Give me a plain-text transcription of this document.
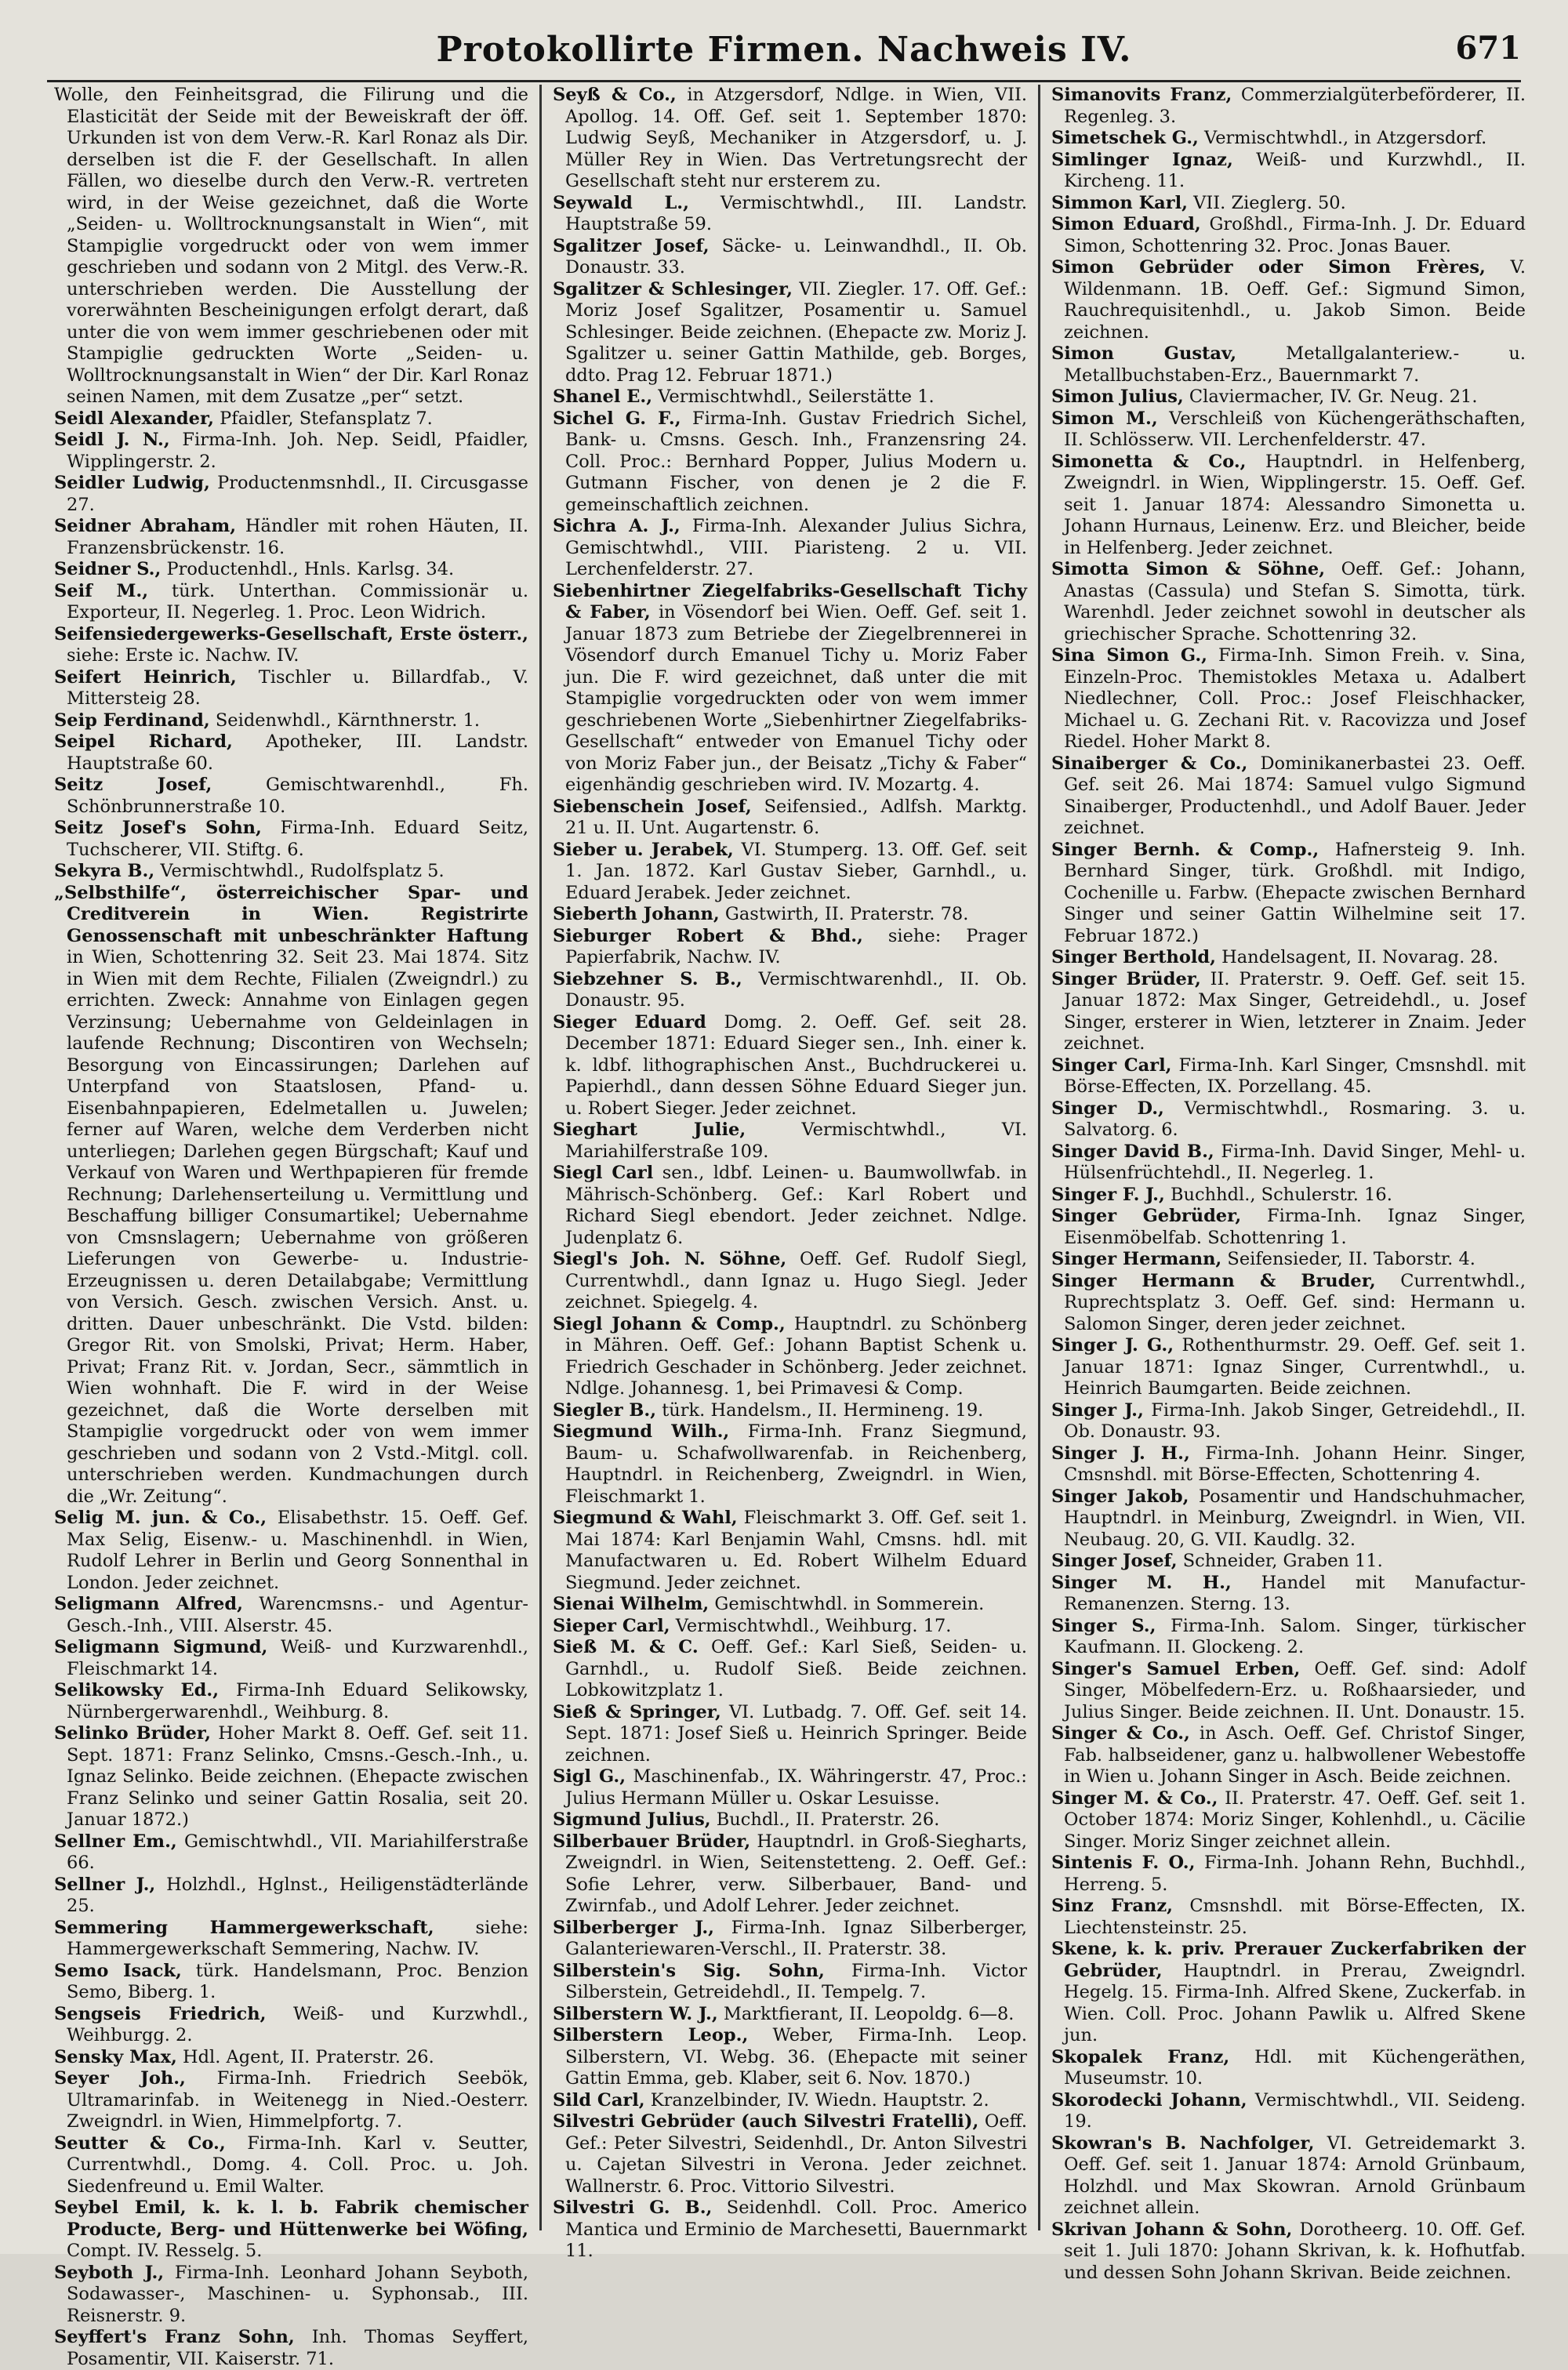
Protokollirte Firmen. Nachweis IV.	671

Wolle, den Feinheitsgrad, die Filirung und die Elasticität der Seide mit der Beweiskraft der öff. Urkunden ist von dem Verw.-R. Karl Ronaz als Dir. derselben ist die F. der Gesellschaft. In allen Fällen, wo dieselbe durch den Verw.-R. vertreten wird, in der Weise gezeichnet, daß die Worte „Seiden- u. Wolltrocknungsanstalt in Wien“, mit Stampiglie vorgedruckt oder von wem immer geschrieben und sodann von 2 Mitgl. des Verw.-R. unterschrieben werden. Die Ausstellung der vorerwähnten Bescheinigungen erfolgt derart, daß unter die von wem immer geschriebenen oder mit Stampiglie gedruckten Worte „Seiden- u. Wolltrocknungsanstalt in Wien“ der Dir. Karl Ronaz seinen Namen, mit dem Zusatze „per“ setzt.

Seidl Alexander, Pfaidler, Stefansplatz 7.

Seidl J. N., Firma-Inh. Joh. Nep. Seidl, Pfaidler, Wipplingerstr. 2.

Seidler Ludwig, Productenmsnhdl., II. Circusgasse 27.

Seidner Abraham, Händler mit rohen Häuten, II. Franzensbrückenstr. 16.

Seidner S., Productenhdl., Hnls. Karlsg. 34.

Seif M., türk. Unterthan. Commissionär u. Exporteur, II. Negerleg. 1. Proc. Leon Widrich.

Seifensiedergewerks-Gesellschaft, Erste österr., siehe: Erste ic. Nachw. IV.

Seifert Heinrich, Tischler u. Billardfab., V. Mittersteig 28.

Seip Ferdinand, Seidenwhdl., Kärnthnerstr. 1.

Seipel Richard, Apotheker, III. Landstr. Hauptstraße 60.

Seitz Josef,	Gemischtwarenhdl., Fh. Schönbrunnerstraße 10.

Seitz Josef's Sohn, Firma-Inh. Eduard Seitz, Tuchscherer, VII. Stiftg. 6.

Sekyra B., Vermischtwhdl., Rudolfsplatz 5.

„Selbsthilfe“, österreichischer Spar- und Creditverein in Wien. Registrirte Genossenschaft mit unbeschränkter Haftung in Wien, Schottenring 32. Seit 23. Mai 1874. Sitz in Wien mit dem Rechte, Filialen (Zweigndrl.) zu errichten. Zweck: Annahme von Einlagen gegen Verzinsung; Uebernahme von Geldeinlagen in laufende Rechnung; Discontiren von Wechseln; Besorgung von Eincassirungen; Darlehen auf Unterpfand von Staatslosen, Pfand- u. Eisenbahnpapieren, Edelmetallen u. Juwelen; ferner auf Waren, welche dem Verderben nicht unterliegen; Darlehen gegen Bürgschaft; Kauf und Verkauf von Waren und Werthpapieren für fremde Rechnung; Darlehenserteilung u. Vermittlung und Beschaffung billiger Consumartikel; Uebernahme von Cmsnslagern; Uebernahme von größeren Lieferungen von Gewerbe- u. Industrie-Erzeugnissen u. deren Detailabgabe; Vermittlung von Versich. Gesch. zwischen Versich. Anst. u. dritten. Dauer unbeschränkt. Die Vstd. bilden: Gregor Rit. von Smolski, Privat; Herm. Haber, Privat; Franz Rit. v. Jordan, Secr., sämmtlich in Wien wohnhaft. Die F. wird in der Weise gezeichnet, daß die Worte derselben mit Stampiglie vorgedruckt oder von wem immer geschrieben und sodann von 2 Vstd.-Mitgl. coll. unterschrieben werden. Kundmachungen durch die „Wr. Zeitung“.

Selig M. jun. & Co., Elisabethstr. 15. Oeff. Gef. Max Selig, Eisenw.- u. Maschinenhdl. in Wien, Rudolf Lehrer in Berlin und Georg Sonnenthal in London. Jeder zeichnet.

Seligmann Alfred, Warencmsns.- und Agentur-Gesch.-Inh., VIII. Alserstr. 45.

Seligmann Sigmund, Weiß- und Kurzwarenhdl., Fleischmarkt 14.

Selikowsky Ed., Firma-Inh Eduard Selikowsky, Nürnbergerwarenhdl., Weihburg. 8.

Selinko Brüder, Hoher Markt 8. Oeff. Gef. seit 11. Sept. 1871: Franz Selinko, Cmsns.-Gesch.-Inh., u. Ignaz Selinko. Beide zeichnen. (Ehepacte zwischen Franz Selinko und seiner Gattin Rosalia, seit 20. Januar 1872.)

Sellner Em., Gemischtwhdl., VII. Mariahilferstraße 66.

Sellner J., Holzhdl., Hglnst., Heiligenstädterlände 25.

Semmering Hammergewerkschaft, siehe: Hammergewerkschaft Semmering, Nachw. IV.

Semo Isack, türk. Handelsmann, Proc. Benzion Semo, Biberg. 1.

Sengseis Friedrich, Weiß- und Kurzwhdl., Weihburgg. 2.

Sensky Max, Hdl. Agent, II. Praterstr. 26.

Seyer Joh., Firma-Inh. Friedrich Seebök, Ultramarinfab. in Weitenegg in Nied.-Oesterr. Zweigndrl. in Wien, Himmelpfortg. 7.

Seutter & Co., Firma-Inh. Karl v. Seutter, Currentwhdl., Domg. 4. Coll. Proc. u. Joh. Siedenfreund u. Emil Walter.

Seybel Emil, k. k. l. b. Fabrik chemischer Producte, Berg- und Hüttenwerke bei Wöfing, Compt. IV. Resselg. 5.

Seyboth J., Firma-Inh. Leonhard Johann Seyboth, Sodawasser-, Maschinen- u. Syphonsab., III. Reisnerstr. 9.

Seyffert's Franz Sohn, Inh. Thomas Seyffert, Posamentir, VII. Kaiserstr. 71.

Seyß & Co., in Atzgersdorf, Ndlge. in Wien, VII. Apollog. 14. Off. Gef. seit 1. September 1870: Ludwig Seyß, Mechaniker in Atzgersdorf, u. J. Müller Rey in Wien. Das Vertretungsrecht der Gesellschaft steht nur ersterem zu.

Seywald L., Vermischtwhdl., III. Landstr. Hauptstraße 59.

Sgalitzer Josef, Säcke- u. Leinwandhdl., II. Ob. Donaustr. 33.

Sgalitzer & Schlesinger, VII. Ziegler. 17. Off. Gef.: Moriz Josef Sgalitzer, Posamentir u. Samuel Schlesinger. Beide zeichnen. (Ehepacte zw. Moriz J. Sgalitzer u. seiner Gattin Mathilde, geb. Borges, ddto. Prag 12. Februar 1871.)

Shanel E., Vermischtwhdl., Seilerstätte 1.

Sichel G. F., Firma-Inh. Gustav Friedrich Sichel, Bank- u. Cmsns. Gesch. Inh., Franzensring 24. Coll. Proc.: Bernhard Popper, Julius Modern u. Gutmann Fischer, von denen je 2 die F. gemeinschaftlich zeichnen.

Sichra A. J., Firma-Inh. Alexander Julius Sichra, Gemischtwhdl., VIII. Piaristeng. 2 u. VII. Lerchenfelderstr. 27.

Siebenhirtner Ziegelfabriks-Gesellschaft Tichy & Faber, in Vösendorf bei Wien. Oeff. Gef. seit 1. Januar 1873 zum Betriebe der Ziegelbrennerei in Vösendorf durch Emanuel Tichy u. Moriz Faber jun. Die F. wird gezeichnet, daß unter die mit Stampiglie vorgedruckten oder von wem immer geschriebenen Worte „Siebenhirtner Ziegelfabriks-Gesellschaft“ entweder von Emanuel Tichy oder von Moriz Faber jun., der Beisatz „Tichy & Faber“ eigenhändig geschrieben wird. IV. Mozartg. 4.

Siebenschein Josef, Seifensied., Adlfsh. Marktg. 21 u. II. Unt. Augartenstr. 6.

Sieber u. Jerabek, VI. Stumperg. 13. Off. Gef. seit 1. Jan. 1872. Karl Gustav Sieber, Garnhdl., u. Eduard Jerabek. Jeder zeichnet.

Sieberth Johann, Gastwirth, II. Praterstr. 78.

Sieburger Robert & Bhd., siehe: Prager Papierfabrik, Nachw. IV.

Siebzehner S. B., Vermischtwarenhdl., II. Ob. Donaustr. 95.

Sieger Eduard Domg. 2. Oeff. Gef. seit 28. December 1871: Eduard Sieger sen., Inh. einer k. k. ldbf. lithographischen Anst., Buchdruckerei u. Papierhdl., dann dessen Söhne Eduard Sieger jun. u. Robert Sieger. Jeder zeichnet.

Sieghart Julie,	Vermischtwhdl., VI. Mariahilferstraße 109.

Siegl Carl sen., ldbf. Leinen- u. Baumwollwfab. in Mährisch-Schönberg. Gef.: Karl Robert und Richard Siegl ebendort. Jeder zeichnet. Ndlge. Judenplatz 6.

Siegl's Joh. N. Söhne, Oeff. Gef. Rudolf Siegl, Currentwhdl., dann Ignaz u. Hugo Siegl. Jeder zeichnet. Spiegelg. 4.

Siegl Johann & Comp., Hauptndrl. zu Schönberg in Mähren. Oeff. Gef.: Johann Baptist Schenk u. Friedrich Geschader in Schönberg. Jeder zeichnet. Ndlge. Johannesg. 1, bei Primavesi & Comp.

Siegler B., türk. Handelsm., II. Hermineng. 19.

Siegmund Wilh., Firma-Inh. Franz Siegmund, Baum- u. Schafwollwarenfab. in Reichenberg, Hauptndrl. in Reichenberg, Zweigndrl. in Wien, Fleischmarkt 1.

Siegmund & Wahl, Fleischmarkt 3. Off. Gef. seit 1. Mai 1874: Karl Benjamin Wahl, Cmsns. hdl. mit Manufactwaren u. Ed. Robert Wilhelm Eduard Siegmund. Jeder zeichnet.

Sienai Wilhelm, Gemischtwhdl. in Sommerein.

Sieper Carl, Vermischtwhdl., Weihburg. 17.

Sieß M. & C. Oeff. Gef.: Karl Sieß, Seiden- u. Garnhdl., u. Rudolf Sieß. Beide zeichnen. Lobkowitzplatz 1.

Sieß & Springer, VI. Lutbadg. 7. Off. Gef. seit 14. Sept. 1871: Josef Sieß u. Heinrich Springer. Beide zeichnen.

Sigl G., Maschinenfab., IX. Währingerstr. 47, Proc.: Julius Hermann Müller u. Oskar Lesuisse.

Sigmund Julius, Buchdl., II. Praterstr. 26.

Silberbauer Brüder, Hauptndrl. in Groß-Siegharts, Zweigndrl. in Wien, Seitenstetteng. 2. Oeff. Gef.: Sofie Lehrer, verw. Silberbauer, Band- und Zwirnfab., und Adolf Lehrer. Jeder zeichnet.

Silberberger J., Firma-Inh. Ignaz Silberberger, Galanteriewaren-Verschl., II. Praterstr. 38.

Silberstein's Sig. Sohn, Firma-Inh. Victor Silberstein, Getreidehdl., II. Tempelg. 7.

Silberstern W. J., Marktfierant, II. Leopoldg. 6—8.

Silberstern Leop., Weber, Firma-Inh. Leop. Silberstern, VI. Webg. 36. (Ehepacte mit seiner Gattin Emma, geb. Klaber, seit 6. Nov. 1870.)

Sild Carl, Kranzelbinder, IV. Wiedn. Hauptstr. 2.

Silvestri Gebrüder (auch Silvestri Fratelli), Oeff. Gef.: Peter Silvestri, Seidenhdl., Dr. Anton Silvestri u. Cajetan Silvestri in Verona. Jeder zeichnet. Wallnerstr. 6. Proc. Vittorio Silvestri.

Silvestri G. B., Seidenhdl. Coll. Proc. Americo Mantica und Erminio de Marchesetti, Bauernmarkt 11.

Simanovits Franz, Commerzialgüterbeförderer, II. Regenleg. 3.

Simetschek G., Vermischtwhdl., in Atzgersdorf.

Simlinger Ignaz, Weiß- und Kurzwhdl., II. Kircheng. 11.

Simmon Karl, VII. Zieglerg. 50.

Simon Eduard, Großhdl., Firma-Inh. J. Dr. Eduard Simon, Schottenring 32. Proc. Jonas Bauer.

Simon Gebrüder oder Simon Frères, V. Wildenmann. 1B. Oeff. Gef.: Sigmund Simon, Rauchrequisitenhdl., u. Jakob Simon. Beide zeichnen.

Simon Gustav,	Metallgalanteriew.- u. Metallbuchstaben-Erz., Bauernmarkt 7.

Simon Julius, Claviermacher, IV. Gr. Neug. 21.

Simon M., Verschleiß von Küchengeräthschaften, II. Schlösserw. VII. Lerchenfelderstr. 47.

Simonetta & Co., Hauptndrl. in Helfenberg, Zweigndrl. in Wien, Wipplingerstr. 15. Oeff. Gef. seit 1. Januar 1874: Alessandro Simonetta u. Johann Hurnaus, Leinenw. Erz. und Bleicher, beide in Helfenberg. Jeder zeichnet.

Simotta Simon & Söhne, Oeff. Gef.: Johann, Anastas (Cassula) und Stefan S. Simotta, türk. Warenhdl. Jeder zeichnet sowohl in deutscher als griechischer Sprache. Schottenring 32.

Sina Simon G., Firma-Inh. Simon Freih. v. Sina, Einzeln-Proc. Themistokles Metaxa u. Adalbert Niedlechner, Coll. Proc.: Josef Fleischhacker, Michael u. G. Zechani Rit. v. Racovizza und Josef Riedel. Hoher Markt 8.

Sinaiberger & Co., Dominikanerbastei 23. Oeff. Gef. seit 26. Mai 1874: Samuel vulgo Sigmund Sinaiberger, Productenhdl., und Adolf Bauer. Jeder zeichnet.

Singer Bernh. & Comp., Hafnersteig 9. Inh. Bernhard Singer, türk. Großhdl. mit Indigo, Cochenille u. Farbw. (Ehepacte zwischen Bernhard Singer und seiner Gattin Wilhelmine seit 17. Februar 1872.)

Singer Berthold, Handelsagent, II. Novarag. 28.

Singer Brüder, II. Praterstr. 9. Oeff. Gef. seit 15. Januar 1872: Max Singer, Getreidehdl., u. Josef Singer, ersterer in Wien, letzterer in Znaim. Jeder zeichnet.

Singer Carl, Firma-Inh. Karl Singer, Cmsnshdl. mit Börse-Effecten, IX. Porzellang. 45.

Singer D., Vermischtwhdl., Rosmaring. 3. u. Salvatorg. 6.

Singer David B., Firma-Inh. David Singer, Mehl- u. Hülsenfrüchtehdl., II. Negerleg. 1.

Singer F. J., Buchhdl., Schulerstr. 16.

Singer Gebrüder, Firma-Inh. Ignaz Singer, Eisenmöbelfab. Schottenring 1.

Singer Hermann, Seifensieder, II. Taborstr. 4.

Singer Hermann & Bruder, Currentwhdl., Ruprechtsplatz 3. Oeff. Gef. sind: Hermann u. Salomon Singer, deren jeder zeichnet.

Singer J. G., Rothenthurmstr. 29. Oeff. Gef. seit 1. Januar 1871: Ignaz Singer, Currentwhdl., u. Heinrich Baumgarten. Beide zeichnen.

Singer J., Firma-Inh. Jakob Singer, Getreidehdl., II. Ob. Donaustr. 93.

Singer J. H., Firma-Inh. Johann Heinr. Singer, Cmsnshdl. mit Börse-Effecten, Schottenring 4.

Singer Jakob, Posamentir und Handschuhmacher, Hauptndrl. in Meinburg, Zweigndrl. in Wien, VII. Neubaug. 20, G. VII. Kaudlg. 32.

Singer Josef, Schneider, Graben 11.

Singer M. H., Handel mit Manufactur-Remanenzen. Sterng. 13.

Singer S., Firma-Inh. Salom. Singer, türkischer Kaufmann. II. Glockeng. 2.

Singer's Samuel Erben, Oeff. Gef. sind: Adolf Singer, Möbelfedern-Erz. u. Roßhaarsieder, und Julius Singer. Beide zeichnen. II. Unt. Donaustr. 15.

Singer & Co., in Asch. Oeff. Gef. Christof Singer, Fab. halbseidener, ganz u. halbwollener Webestoffe in Wien u. Johann Singer in Asch. Beide zeichnen.

Singer M. & Co., II. Praterstr. 47. Oeff. Gef. seit 1. October 1874: Moriz Singer, Kohlenhdl., u. Cäcilie Singer. Moriz Singer zeichnet allein.

Sintenis F. O., Firma-Inh. Johann Rehn, Buchhdl., Herreng. 5.

Sinz Franz, Cmsnshdl. mit Börse-Effecten, IX. Liechtensteinstr. 25.

Skene, k. k. priv. Prerauer Zuckerfabriken der Gebrüder, Hauptndrl. in Prerau, Zweigndrl. Hegelg. 15. Firma-Inh. Alfred Skene, Zuckerfab. in Wien. Coll. Proc. Johann Pawlik u. Alfred Skene jun.

Skopalek Franz, Hdl. mit Küchengeräthen, Museumstr. 10.

Skorodecki Johann, Vermischtwhdl., VII. Seideng. 19.

Skowran's B. Nachfolger, VI. Getreidemarkt 3. Oeff. Gef. seit 1. Januar 1874: Arnold Grünbaum, Holzhdl. und Max Skowran. Arnold Grünbaum zeichnet allein.

Skrivan Johann & Sohn, Dorotheerg. 10. Off. Gef. seit 1. Juli 1870: Johann Skrivan, k. k. Hofhutfab. und dessen Sohn Johann Skrivan. Beide zeichnen.
